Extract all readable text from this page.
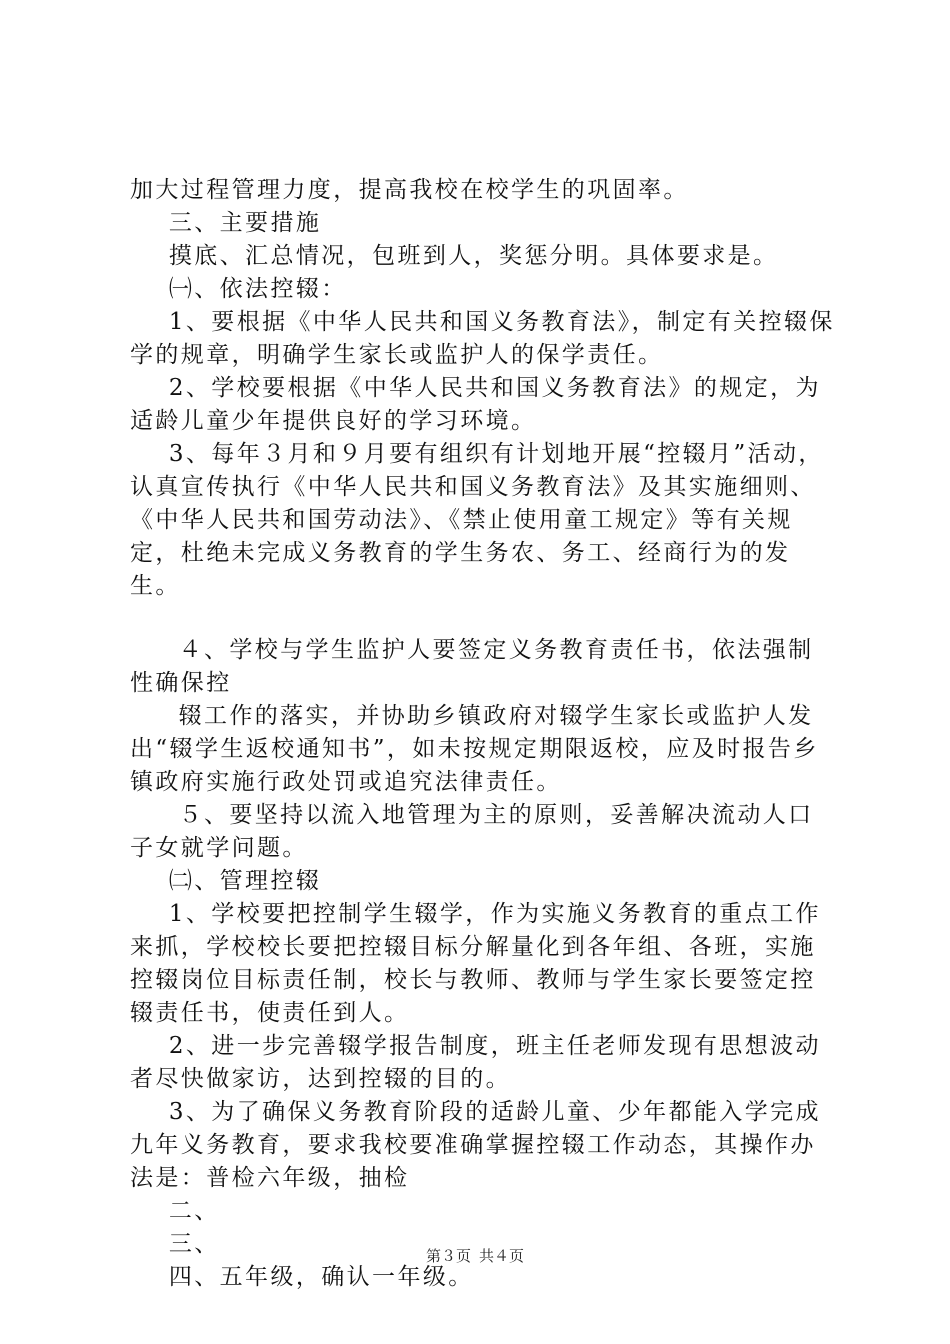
加大过程管理力度，提高我校在校学生的巩固率。

三、主要措施

摸底、汇总情况，包班到人，奖惩分明。具体要求是。

㈠、依法控辍：

1、要根据《中华人民共和国义务教育法》，制定有关控辍保学的规章，明确学生家长或监护人的保学责任。

2、学校要根据《中华人民共和国义务教育法》的规定，为适龄儿童少年提供良好的学习环境。

3、每年３月和９月要有组织有计划地开展“控辍月”活动，认真宣传执行《中华人民共和国义务教育法》及其实施细则、《中华人民共和国劳动法》、《禁止使用童工规定》等有关规定，杜绝未完成义务教育的学生务农、务工、经商行为的发生。

４、学校与学生监护人要签定义务教育责任书，依法强制性确保控

辍工作的落实，并协助乡镇政府对辍学生家长或监护人发出“辍学生返校通知书”，如未按规定期限返校，应及时报告乡镇政府实施行政处罚或追究法律责任。

５、要坚持以流入地管理为主的原则，妥善解决流动人口子女就学问题。

㈡、管理控辍

1、学校要把控制学生辍学，作为实施义务教育的重点工作来抓，学校校长要把控辍目标分解量化到各年组、各班，实施控辍岗位目标责任制，校长与教师、教师与学生家长要签定控辍责任书，使责任到人。

2、进一步完善辍学报告制度，班主任老师发现有思想波动者尽快做家访，达到控辍的目的。

3、为了确保义务教育阶段的适龄儿童、少年都能入学完成九年义务教育，要求我校要准确掌握控辍工作动态，其操作办法是：普检六年级，抽检

二、

三、

四、五年级，确认一年级。

第３页 共４页
